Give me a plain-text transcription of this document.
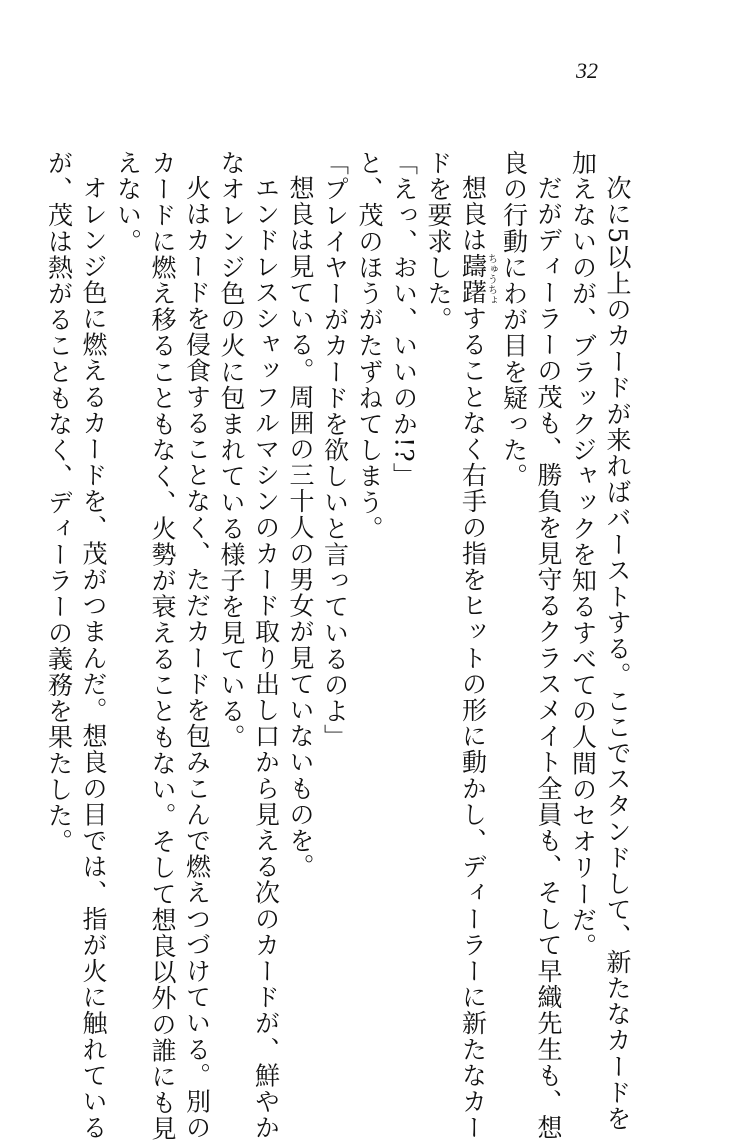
32
次に5以上のカードが来ればバーストする。ここでスタンドして、新たなカードを
加えないのが、ブラックジャックを知るすべての人間のセオリーだ。
だがディーラーの茂も、勝負を見守るクラスメイト全員も、そして早織先生も、想
良の行動にわが目を疑った。
想良は躊躇ちゅうちょすることなく右手の指をヒットの形に動かし、ディーラーに新たなカー
ドを要求した。
「えっ、おい、いいのか!?」
と、茂のほうがたずねてしまう。
「プレイヤーがカードを欲しいと言っているのよ」
想良は見ている。周囲の三十人の男女が見ていないものを。
エンドレスシャッフルマシンのカード取り出し口から見える次のカードが、鮮やか
なオレンジ色の火に包まれている様子を見ている。
火はカードを侵食することなく、ただカードを包みこんで燃えつづけている。別の
カードに燃え移ることもなく、火勢が衰えることもない。そして想良以外の誰にも見
えない。
オレンジ色に燃えるカードを、茂がつまんだ。想良の目では、指が火に触れている
が、茂は熱がることもなく、ディーラーの義務を果たした。
